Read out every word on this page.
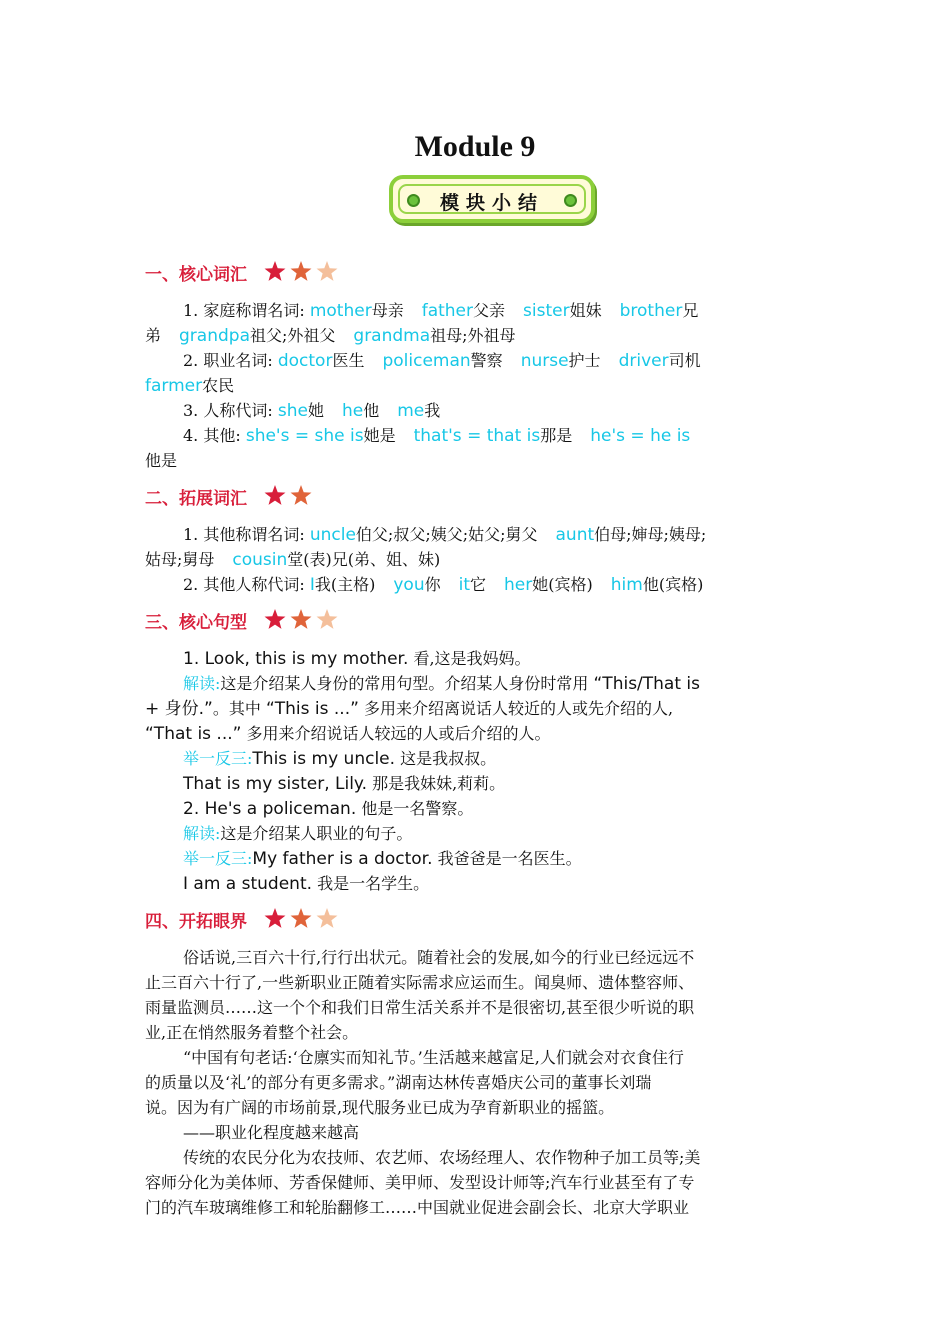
Module 9
模块小结
一、核心词汇
1. 家庭称谓名词: mother母亲 father父亲 sister姐妹 brother兄
弟 grandpa祖父;外祖父 grandma祖母;外祖母
2. 职业名词: doctor医生 policeman警察 nurse护士 driver司机
farmer农民
3. 人称代词: she她 he他 me我
4. 其他: she's = she is她是 that's = that is那是 he's = he is
他是
二、拓展词汇
1. 其他称谓名词: uncle伯父;叔父;姨父;姑父;舅父 aunt伯母;婶母;姨母;
姑母;舅母 cousin堂(表)兄(弟、姐、妹)
2. 其他人称代词: I我(主格) you你 it它 her她(宾格) him他(宾格)
三、核心句型
1. Look, this is my mother. 看,这是我妈妈。
解读:这是介绍某人身份的常用句型。介绍某人身份时常用 “This/That is
+ 身份.”。其中 “This is ...” 多用来介绍离说话人较近的人或先介绍的人,
“That is ...” 多用来介绍说话人较远的人或后介绍的人。
举一反三:This is my uncle. 这是我叔叔。
That is my sister, Lily. 那是我妹妹,莉莉。
2. He's a policeman. 他是一名警察。
解读:这是介绍某人职业的句子。
举一反三:My father is a doctor. 我爸爸是一名医生。
I am a student. 我是一名学生。
四、开拓眼界
俗话说,三百六十行,行行出状元。随着社会的发展,如今的行业已经远远不
止三百六十行了,一些新职业正随着实际需求应运而生。闻臭师、遗体整容师、
雨量监测员……这一个个和我们日常生活关系并不是很密切,甚至很少听说的职
业,正在悄然服务着整个社会。
“中国有句老话:‘仓廪实而知礼节。’生活越来越富足,人们就会对衣食住行
的质量以及‘礼’的部分有更多需求。”湖南达林传喜婚庆公司的董事长刘瑞
说。因为有广阔的市场前景,现代服务业已成为孕育新职业的摇篮。
——职业化程度越来越高
传统的农民分化为农技师、农艺师、农场经理人、农作物种子加工员等;美
容师分化为美体师、芳香保健师、美甲师、发型设计师等;汽车行业甚至有了专
门的汽车玻璃维修工和轮胎翻修工……中国就业促进会副会长、北京大学职业
